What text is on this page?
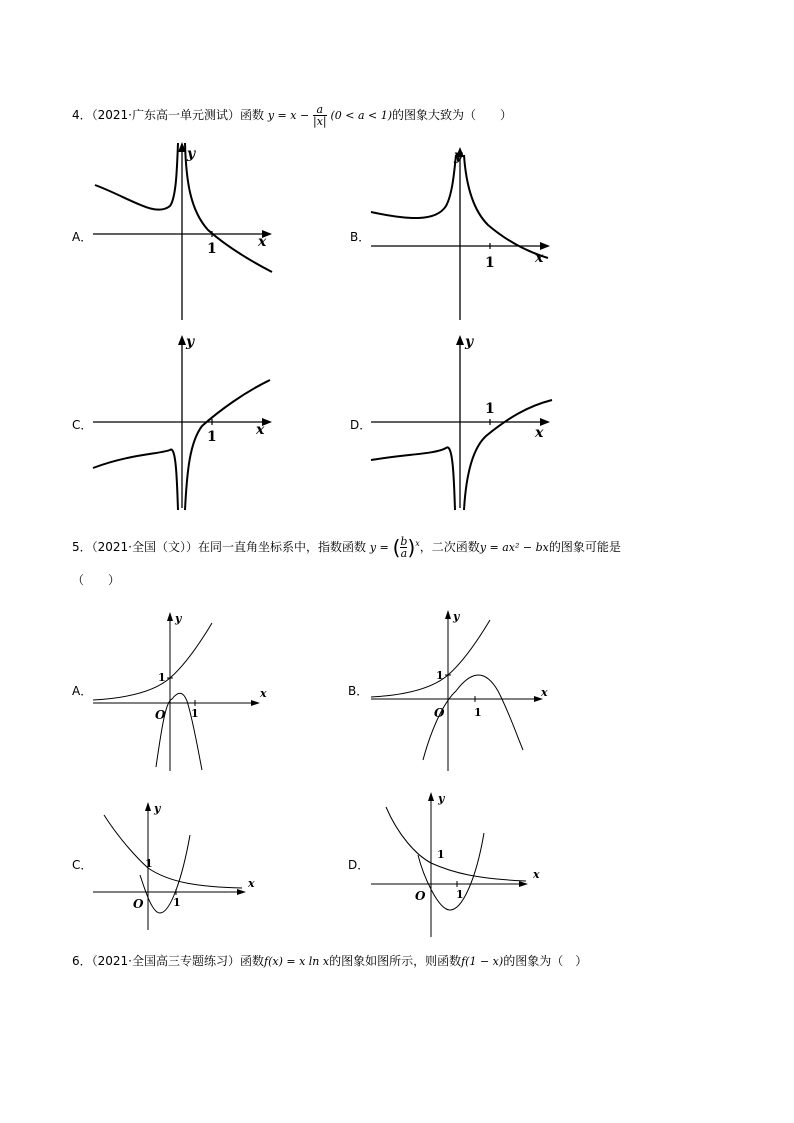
4．（2021·广东高一单元测试）函数 $y = x - \frac{a}{|x|} (0 < a < 1)$的图象大致为（　　）
A．
y
x
1
B．
y
x
1
C．
y
x
1
D．
y
x
1
5．（2021·全国（文））在同一直角坐标系中，指数函数 y = ( $\frac{b}{a} )^x$，二次函数y = ax² − bx的图象可能是
（　　）
A．
y
x
1
1
O
B．
y
x
1
1
O
C．
y
x
1
1
O
D．
y
x
1
1
O
6．（2021·全国高三专题练习）函数f(x) = x ln x的图象如图所示，则函数f(1 − x)的图象为（　）
